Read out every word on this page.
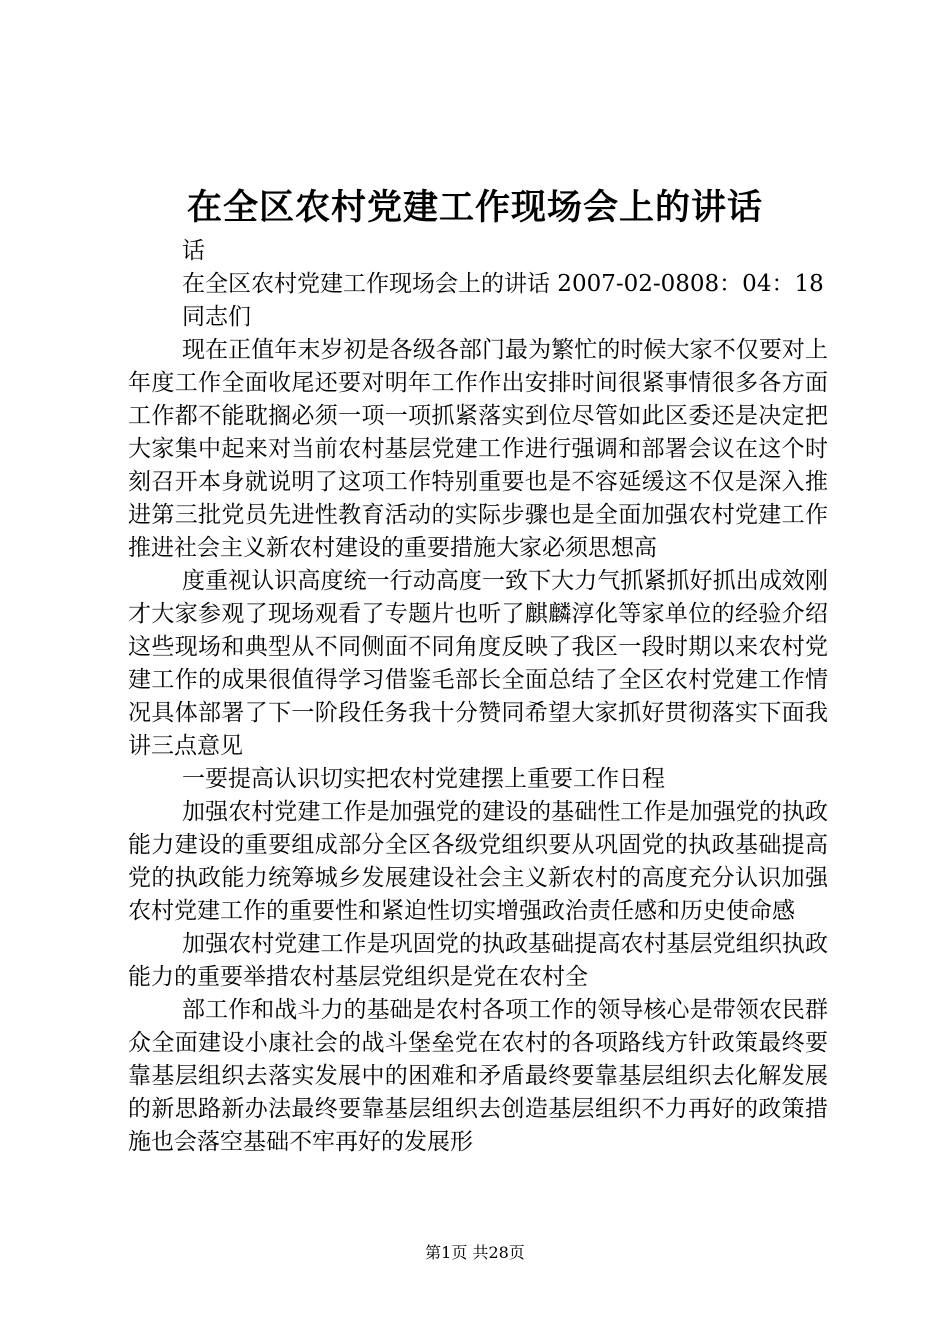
在全区农村党建工作现场会上的讲话

话

在全区农村党建工作现场会上的讲话 2007-02-0808：04：18

同志们

现在正值年末岁初是各级各部门最为繁忙的时候大家不仅要对上年度工作全面收尾还要对明年工作作出安排时间很紧事情很多各方面工作都不能耽搁必须一项一项抓紧落实到位尽管如此区委还是决定把大家集中起来对当前农村基层党建工作进行强调和部署会议在这个时刻召开本身就说明了这项工作特别重要也是不容延缓这不仅是深入推进第三批党员先进性教育活动的实际步骤也是全面加强农村党建工作推进社会主义新农村建设的重要措施大家必须思想高

度重视认识高度统一行动高度一致下大力气抓紧抓好抓出成效刚才大家参观了现场观看了专题片也听了麒麟淳化等家单位的经验介绍这些现场和典型从不同侧面不同角度反映了我区一段时期以来农村党建工作的成果很值得学习借鉴毛部长全面总结了全区农村党建工作情况具体部署了下一阶段任务我十分赞同希望大家抓好贯彻落实下面我讲三点意见

一要提高认识切实把农村党建摆上重要工作日程

加强农村党建工作是加强党的建设的基础性工作是加强党的执政能力建设的重要组成部分全区各级党组织要从巩固党的执政基础提高党的执政能力统筹城乡发展建设社会主义新农村的高度充分认识加强农村党建工作的重要性和紧迫性切实增强政治责任感和历史使命感

加强农村党建工作是巩固党的执政基础提高农村基层党组织执政能力的重要举措农村基层党组织是党在农村全

部工作和战斗力的基础是农村各项工作的领导核心是带领农民群众全面建设小康社会的战斗堡垒党在农村的各项路线方针政策最终要靠基层组织去落实发展中的困难和矛盾最终要靠基层组织去化解发展的新思路新办法最终要靠基层组织去创造基层组织不力再好的政策措施也会落空基础不牢再好的发展形

第1页 共28页
